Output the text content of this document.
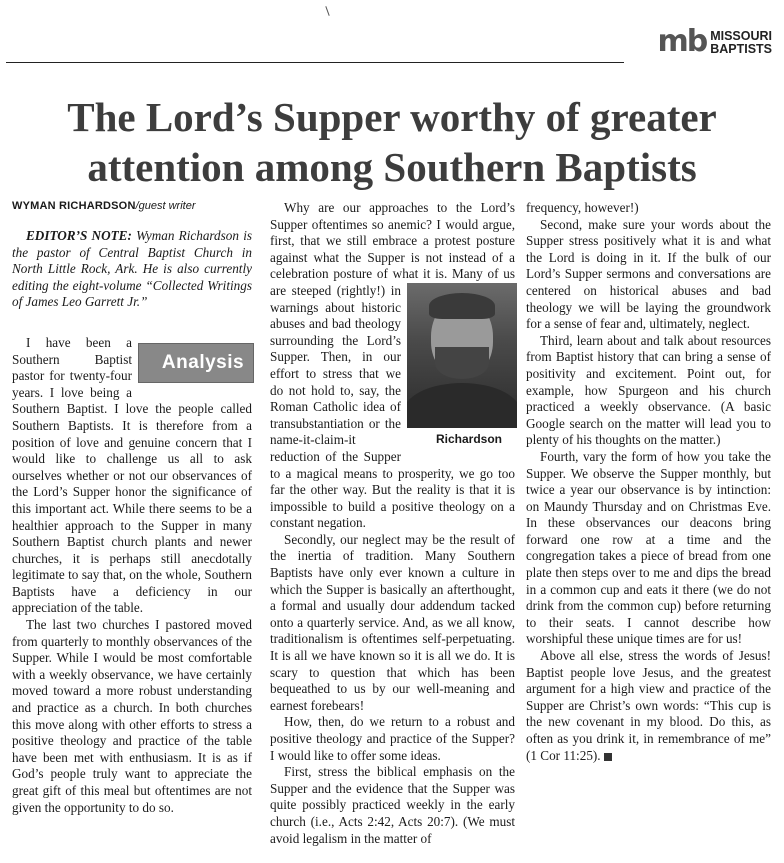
mb MISSOURI
BAPTISTS
The Lord’s Supper worthy of greater attention among Southern Baptists
WYMAN RICHARDSON/guest writer

EDITOR’S NOTE: Wyman Richardson is the pastor of Central Baptist Church in North Little Rock, Ark. He is also currently editing the eight-volume “Collected Writings of James Leo Garrett Jr.”

Analysis
I have been a Southern Baptist pastor for twenty-four years. I love being a Southern Baptist. I love the people called Southern Baptists. It is therefore from a position of love and genuine concern that I would like to challenge us all to ask ourselves whether or not our observances of the Lord’s Supper honor the significance of this important act. While there seems to be a healthier approach to the Supper in many Southern Baptist church plants and newer churches, it is perhaps still anecdotally legitimate to say that, on the whole, Southern Baptists have a deficiency in our appreciation of the table.

The last two churches I pastored moved from quarterly to monthly observances of the Supper. While I would be most comfortable with a weekly observance, we have certainly moved toward a more robust understanding and practice as a church. In both churches this move along with other efforts to stress a positive theology and practice of the table have been met with enthusiasm. It is as if God’s people truly want to appreciate the great gift of this meal but oftentimes are not given the opportunity to do so.

Why are our approaches to the Lord’s Supper oftentimes so anemic? I would argue, first, that we still embrace a protest posture against what the Supper is not instead of a celebration posture of what it is. Many of us are steeped (rightly!) in
Richardson
warnings about historic abuses and bad theology surrounding the Lord’s Supper. Then, in our effort to stress that we do not hold to, say, the Roman Catholic idea of transubstantiation or the name-it-claim-it reduction of the Supper to a magical means to prosperity, we go too far the other way. But the reality is that it is impossible to build a positive theology on a constant negation.

Secondly, our neglect may be the result of the inertia of tradition. Many Southern Baptists have only ever known a culture in which the Supper is basically an afterthought, a formal and usually dour addendum tacked onto a quarterly service. And, as we all know, traditionalism is oftentimes self-perpetuating. It is all we have known so it is all we do. It is scary to question that which has been bequeathed to us by our well-meaning and earnest forebears!

How, then, do we return to a robust and positive theology and practice of the Supper? I would like to offer some ideas.

First, stress the biblical emphasis on the Supper and the evidence that the Supper was quite possibly practiced weekly in the early church (i.e., Acts 2:42, Acts 20:7). (We must avoid legalism in the matter of

frequency, however!)

Second, make sure your words about the Supper stress positively what it is and what the Lord is doing in it. If the bulk of our Lord’s Supper sermons and conversations are centered on historical abuses and bad theology we will be laying the groundwork for a sense of fear and, ultimately, neglect.

Third, learn about and talk about resources from Baptist history that can bring a sense of positivity and excitement. Point out, for example, how Spurgeon and his church practiced a weekly observance. (A basic Google search on the matter will lead you to plenty of his thoughts on the matter.)

Fourth, vary the form of how you take the Supper. We observe the Supper monthly, but twice a year our observance is by intinction: on Maundy Thursday and on Christmas Eve. In these observances our deacons bring forward one row at a time and the congregation takes a piece of bread from one plate then steps over to me and dips the bread in a common cup and eats it there (we do not drink from the common cup) before returning to their seats. I cannot describe how worshipful these unique times are for us!

Above all else, stress the words of Jesus! Baptist people love Jesus, and the greatest argument for a high view and practice of the Supper are Christ’s own words: “This cup is the new covenant in my blood. Do this, as often as you drink it, in remembrance of me” (1 Cor 11:25).
